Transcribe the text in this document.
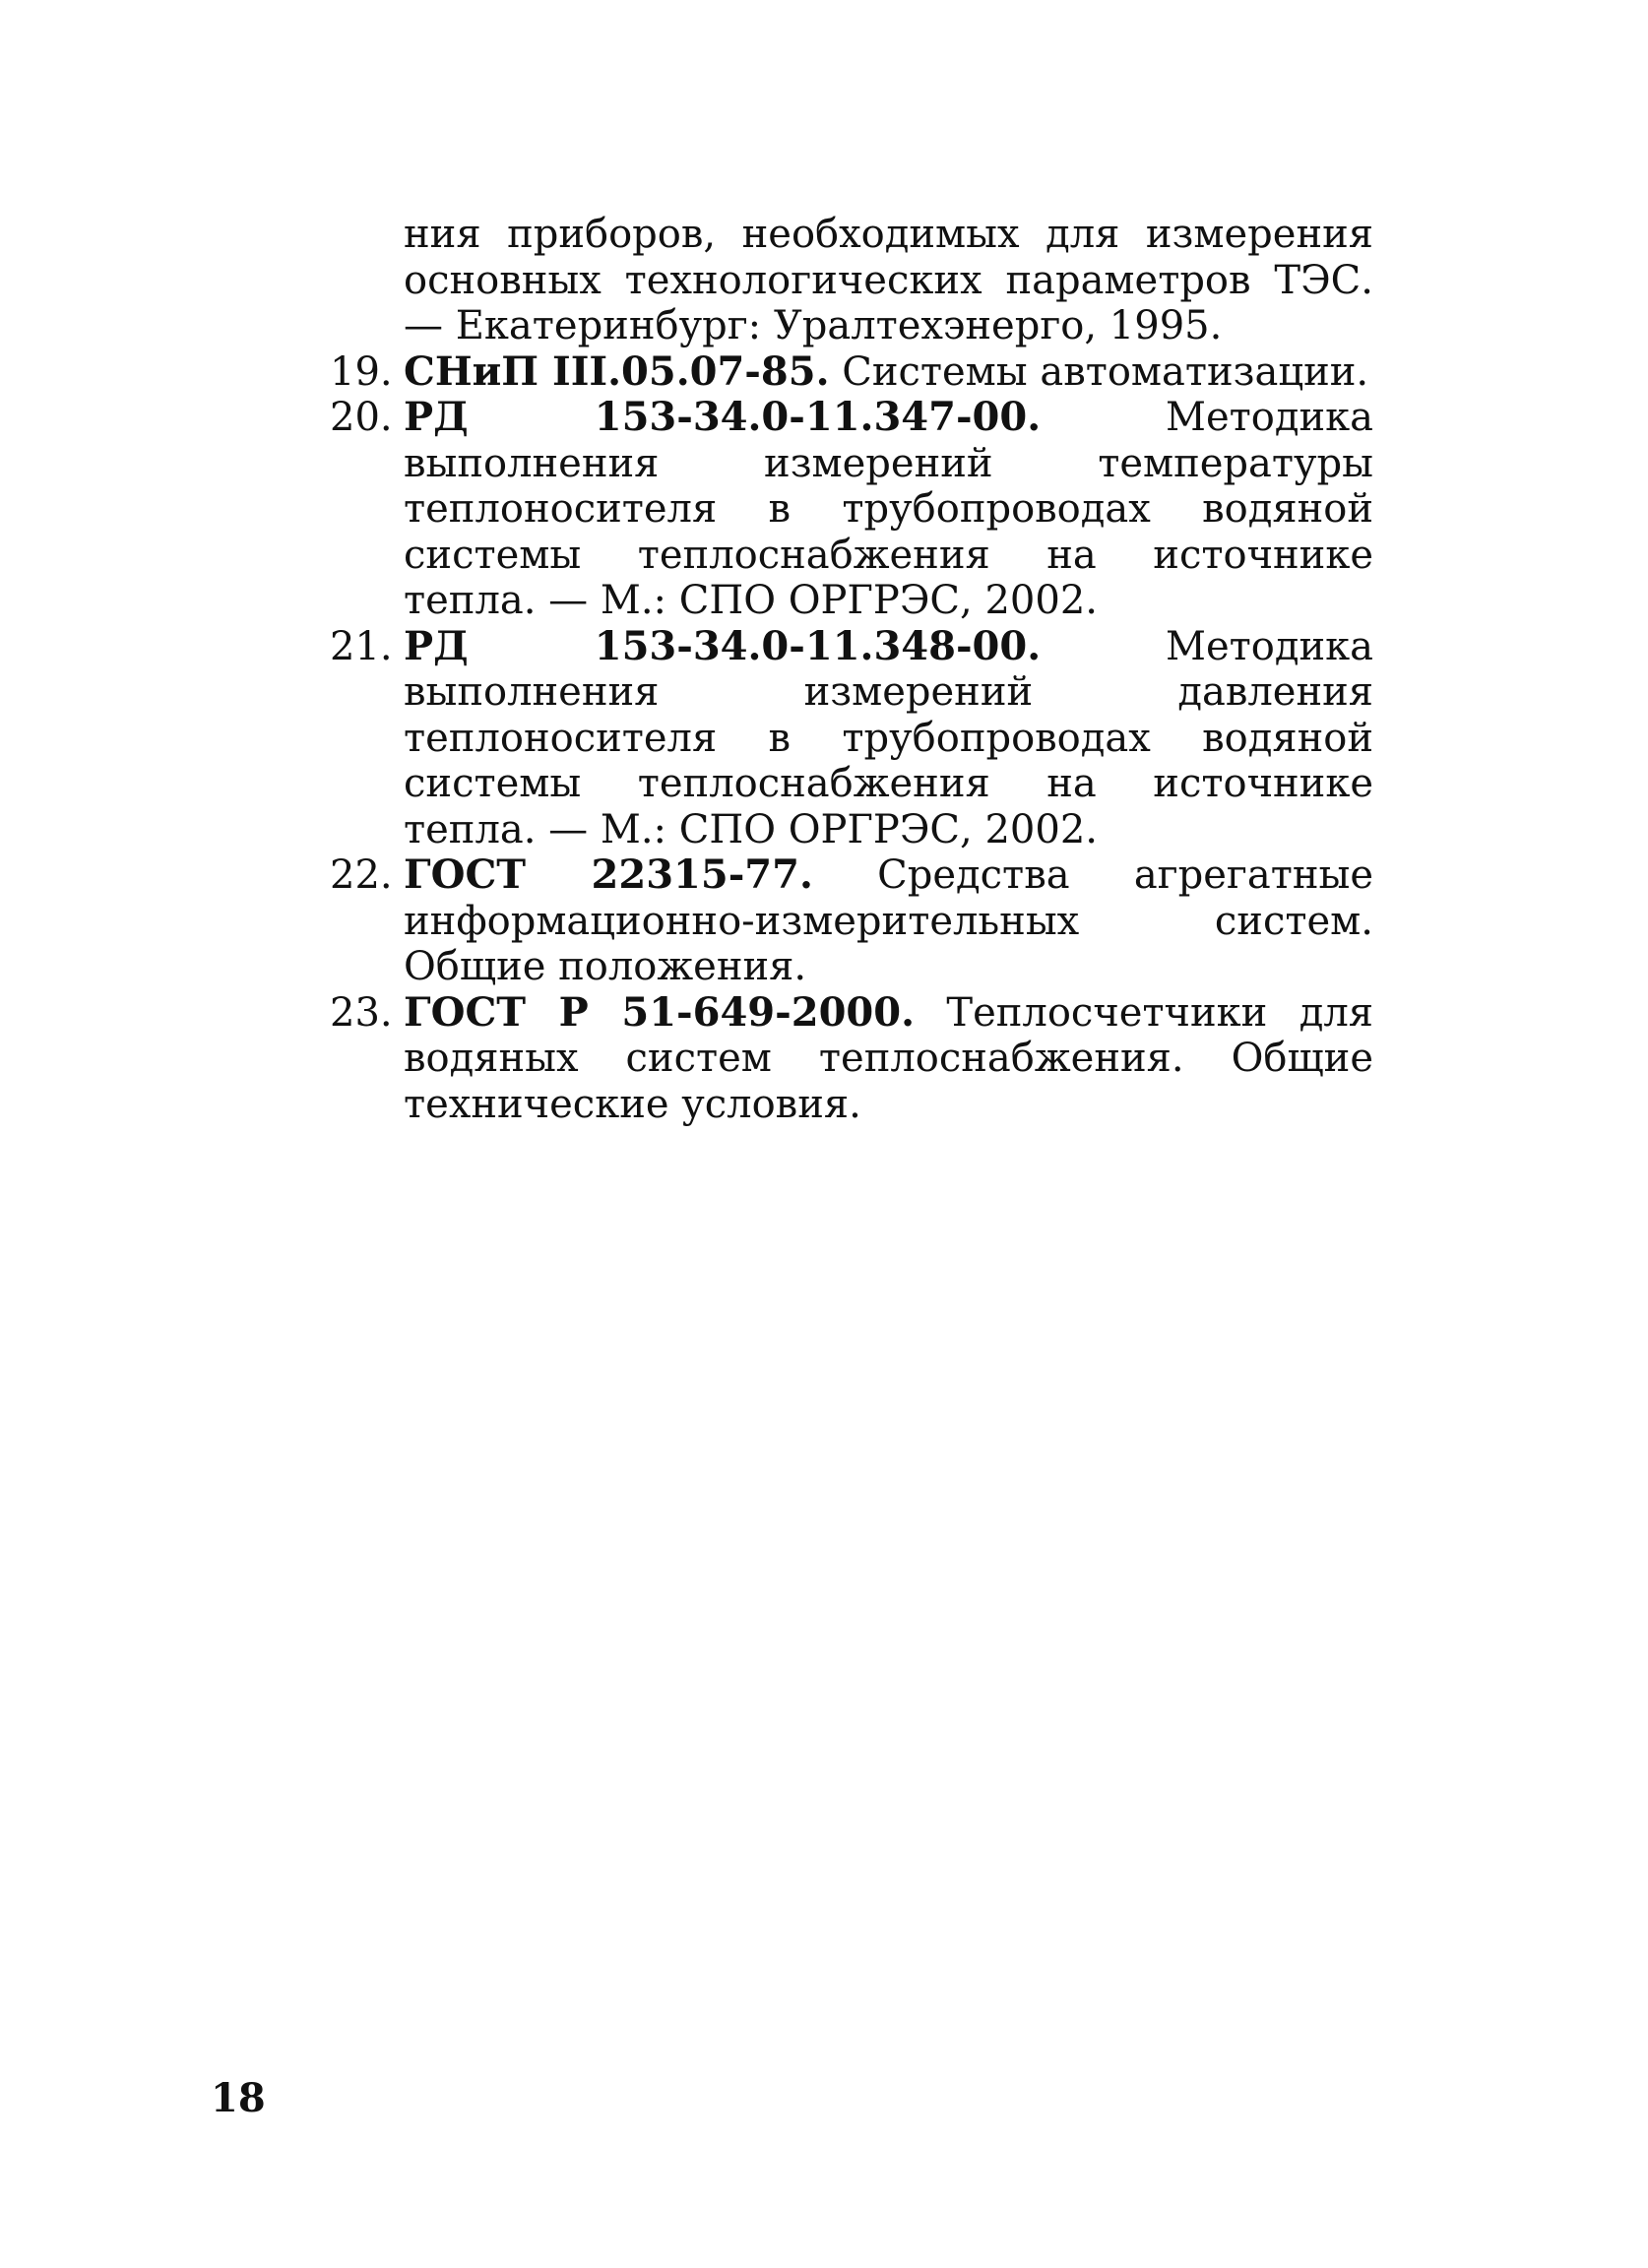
ния приборов, необходимых для измерения основных технологических параметров ТЭС. — Екатеринбург: Уралтехэнерго, 1995.

19. СНиП III.05.07-85. Системы автоматизации.

20. РД 153-34.0-11.347-00. Методика выполнения измерений температуры теплоносителя в трубопроводах водяной системы теплоснабжения на источнике тепла. — М.: СПО ОРГРЭС, 2002.

21. РД 153-34.0-11.348-00. Методика выполнения измерений давления теплоносителя в трубопроводах водяной системы теплоснабжения на источнике тепла. — М.: СПО ОРГРЭС, 2002.

22. ГОСТ 22315-77. Средства агрегатные информационно-измерительных систем. Общие положения.

23. ГОСТ Р 51-649-2000. Теплосчетчики для водяных систем теплоснабжения. Общие технические условия.

18
